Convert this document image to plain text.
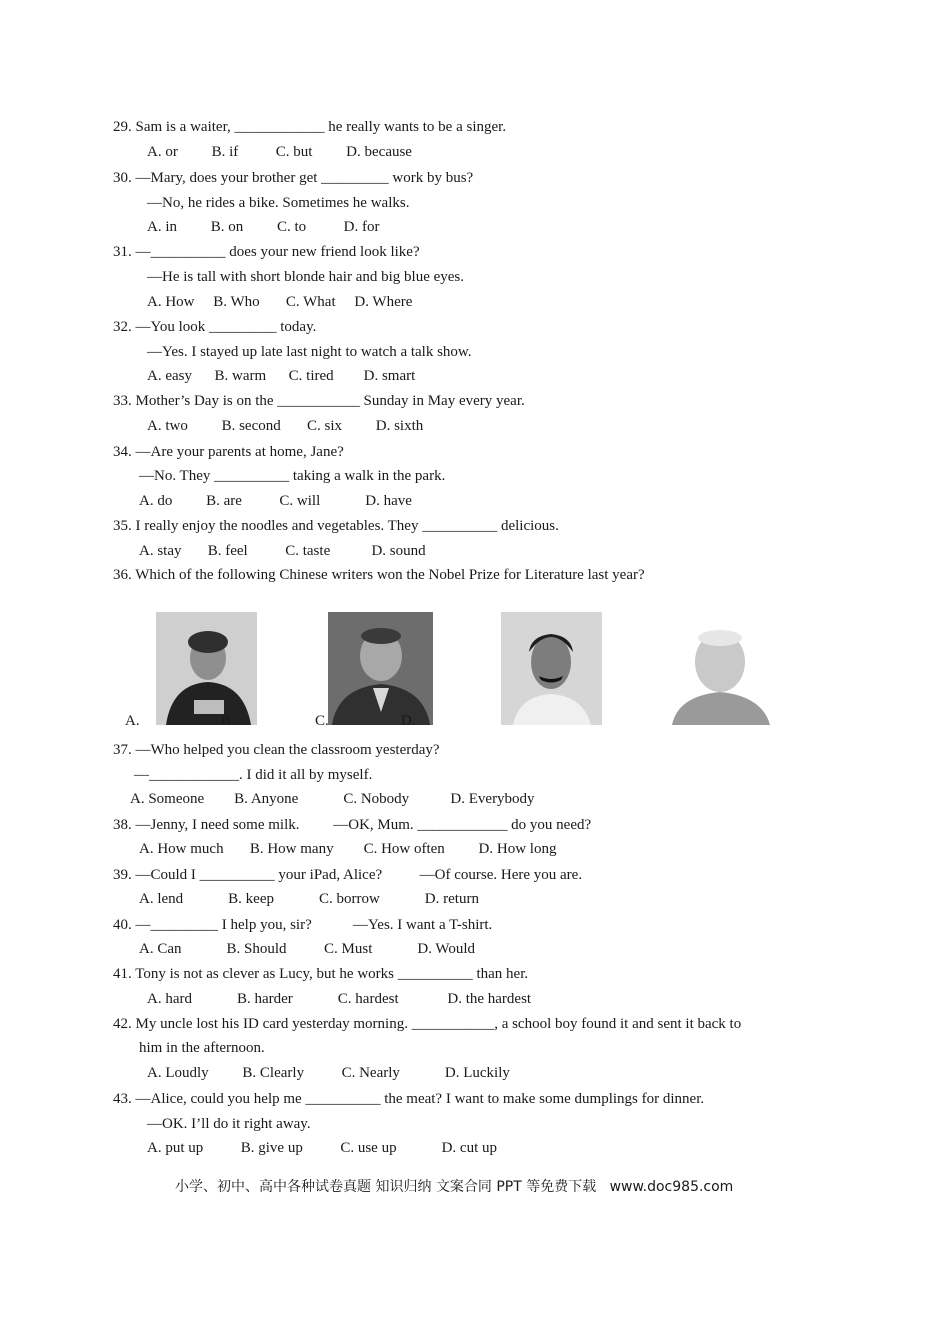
29. Sam is a waiter, ____________ he really wants to be a singer.
A. or         B. if          C. but         D. because
30. —Mary, does your brother get _________ work by bus?
—No, he rides a bike. Sometimes he walks.
A. in         B. on         C. to          D. for
31. —__________ does your new friend look like?
—He is tall with short blonde hair and big blue eyes.
A. How     B. Who       C. What     D. Where
32. —You look _________ today.
—Yes. I stayed up late last night to watch a talk show.
A. easy      B. warm      C. tired        D. smart
33. Mother’s Day is on the ___________ Sunday in May every year.
A. two         B. second       C. six         D. sixth
34. —Are your parents at home, Jane?
—No. They __________ taking a walk in the park.
A. do         B. are          C. will            D. have
35. I really enjoy the noodles and vegetables. They __________ delicious.
A. stay       B. feel          C. taste           D. sound
36. Which of the following Chinese writers won the Nobel Prize for Literature last year?
A.	B.	C.	D.
37. —Who helped you clean the classroom yesterday?
—____________. I did it all by myself.
A. Someone        B. Anyone            C. Nobody           D. Everybody
38. —Jenny, I need some milk.         —OK, Mum. ____________ do you need?
A. How much       B. How many        C. How often         D. How long
39. —Could I __________ your iPad, Alice?          —Of course. Here you are.
A. lend            B. keep            C. borrow            D. return
40. —_________ I help you, sir?           —Yes. I want a T-shirt.
A. Can            B. Should          C. Must            D. Would
41. Tony is not as clever as Lucy, but he works __________ than her.
A. hard            B. harder            C. hardest             D. the hardest
42. My uncle lost his ID card yesterday morning. ___________, a school boy found it and sent it back to
him in the afternoon.
A. Loudly         B. Clearly          C. Nearly            D. Luckily
43. —Alice, could you help me __________ the meat? I want to make some dumplings for dinner.
—OK. I’ll do it right away.
A. put up          B. give up          C. use up            D. cut up
小学、初中、高中各种试卷真题 知识归纳 文案合同 PPT 等免费下载   www.doc985.com
